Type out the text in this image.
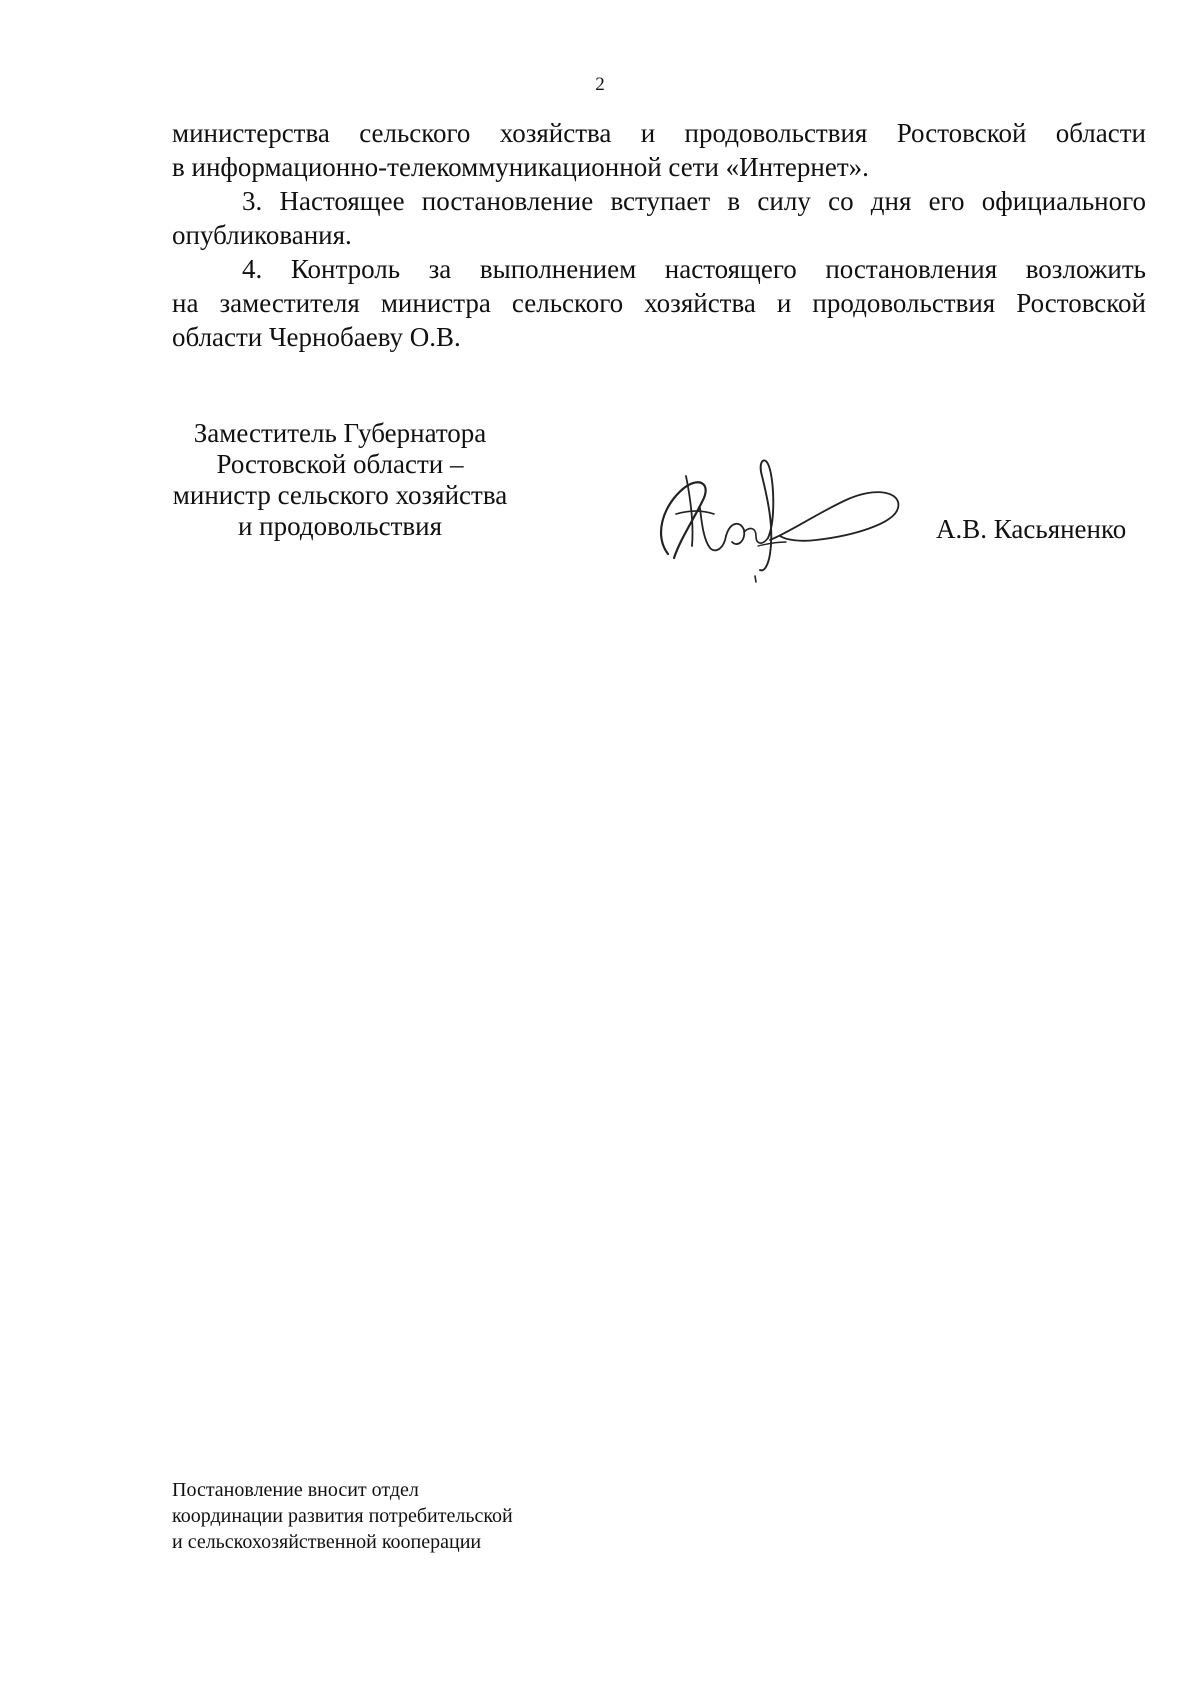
2

министерства сельского хозяйства и продовольствия Ростовской области
в информационно-телекоммуникационной сети «Интернет».

3. Настоящее постановление вступает в силу со дня его официального
опубликования.

4. Контроль за выполнением настоящего постановления возложить
на заместителя министра сельского хозяйства и продовольствия Ростовской
области Чернобаеву О.В.

Заместитель Губернатора
Ростовской области –
министр сельского хозяйства
и продовольствия	А.В. Касьяненко
Постановление вносит отдел
координации развития потребительской
и сельскохозяйственной кооперации
